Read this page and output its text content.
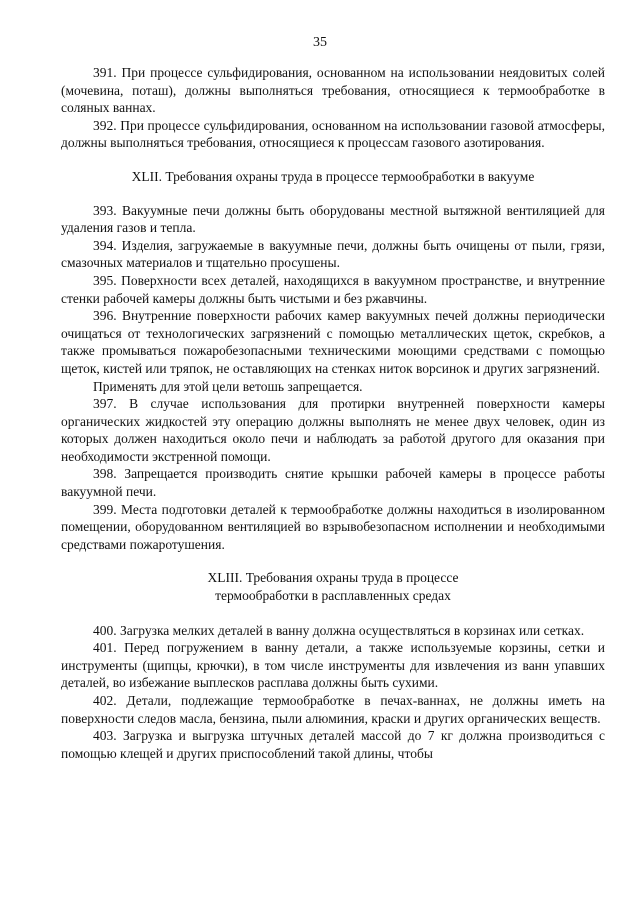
35

391. При процессе сульфидирования, основанном на использовании неядовитых солей (мочевина, поташ), должны выполняться требования, относящиеся к термообработке в соляных ваннах.

392. При процессе сульфидирования, основанном на использовании газовой атмосферы, должны выполняться требования, относящиеся к процессам газового азотирования.

XLII. Требования охраны труда в процессе термообработки в вакууме

393. Вакуумные печи должны быть оборудованы местной вытяжной вентиляцией для удаления газов и тепла.

394. Изделия, загружаемые в вакуумные печи, должны быть очищены от пыли, грязи, смазочных материалов и тщательно просушены.

395. Поверхности всех деталей, находящихся в вакуумном пространстве, и внутренние стенки рабочей камеры должны быть чистыми и без ржавчины.

396. Внутренние поверхности рабочих камер вакуумных печей должны периодически очищаться от технологических загрязнений с помощью металлических щеток, скребков, а также промываться пожаробезопасными техническими моющими средствами с помощью щеток, кистей или тряпок, не оставляющих на стенках ниток ворсинок и других загрязнений.

Применять для этой цели ветошь запрещается.

397. В случае использования для протирки внутренней поверхности камеры органических жидкостей эту операцию должны выполнять не менее двух человек, один из которых должен находиться около печи и наблюдать за работой другого для оказания при необходимости экстренной помощи.

398. Запрещается производить снятие крышки рабочей камеры в процессе работы вакуумной печи.

399. Места подготовки деталей к термообработке должны находиться в изолированном помещении, оборудованном вентиляцией во взрывобезопасном исполнении и необходимыми средствами пожаротушения.

XLIII. Требования охраны труда в процессе
термообработки в расплавленных средах

400. Загрузка мелких деталей в ванну должна осуществляться в корзинах или сетках.

401. Перед погружением в ванну детали, а также используемые корзины, сетки и инструменты (щипцы, крючки), в том числе инструменты для извлечения из ванн упавших деталей, во избежание выплесков расплава должны быть сухими.

402. Детали, подлежащие термообработке в печах-ваннах, не должны иметь на поверхности следов масла, бензина, пыли алюминия, краски и других органических веществ.

403. Загрузка и выгрузка штучных деталей массой до 7 кг должна производиться с помощью клещей и других приспособлений такой длины, чтобы
